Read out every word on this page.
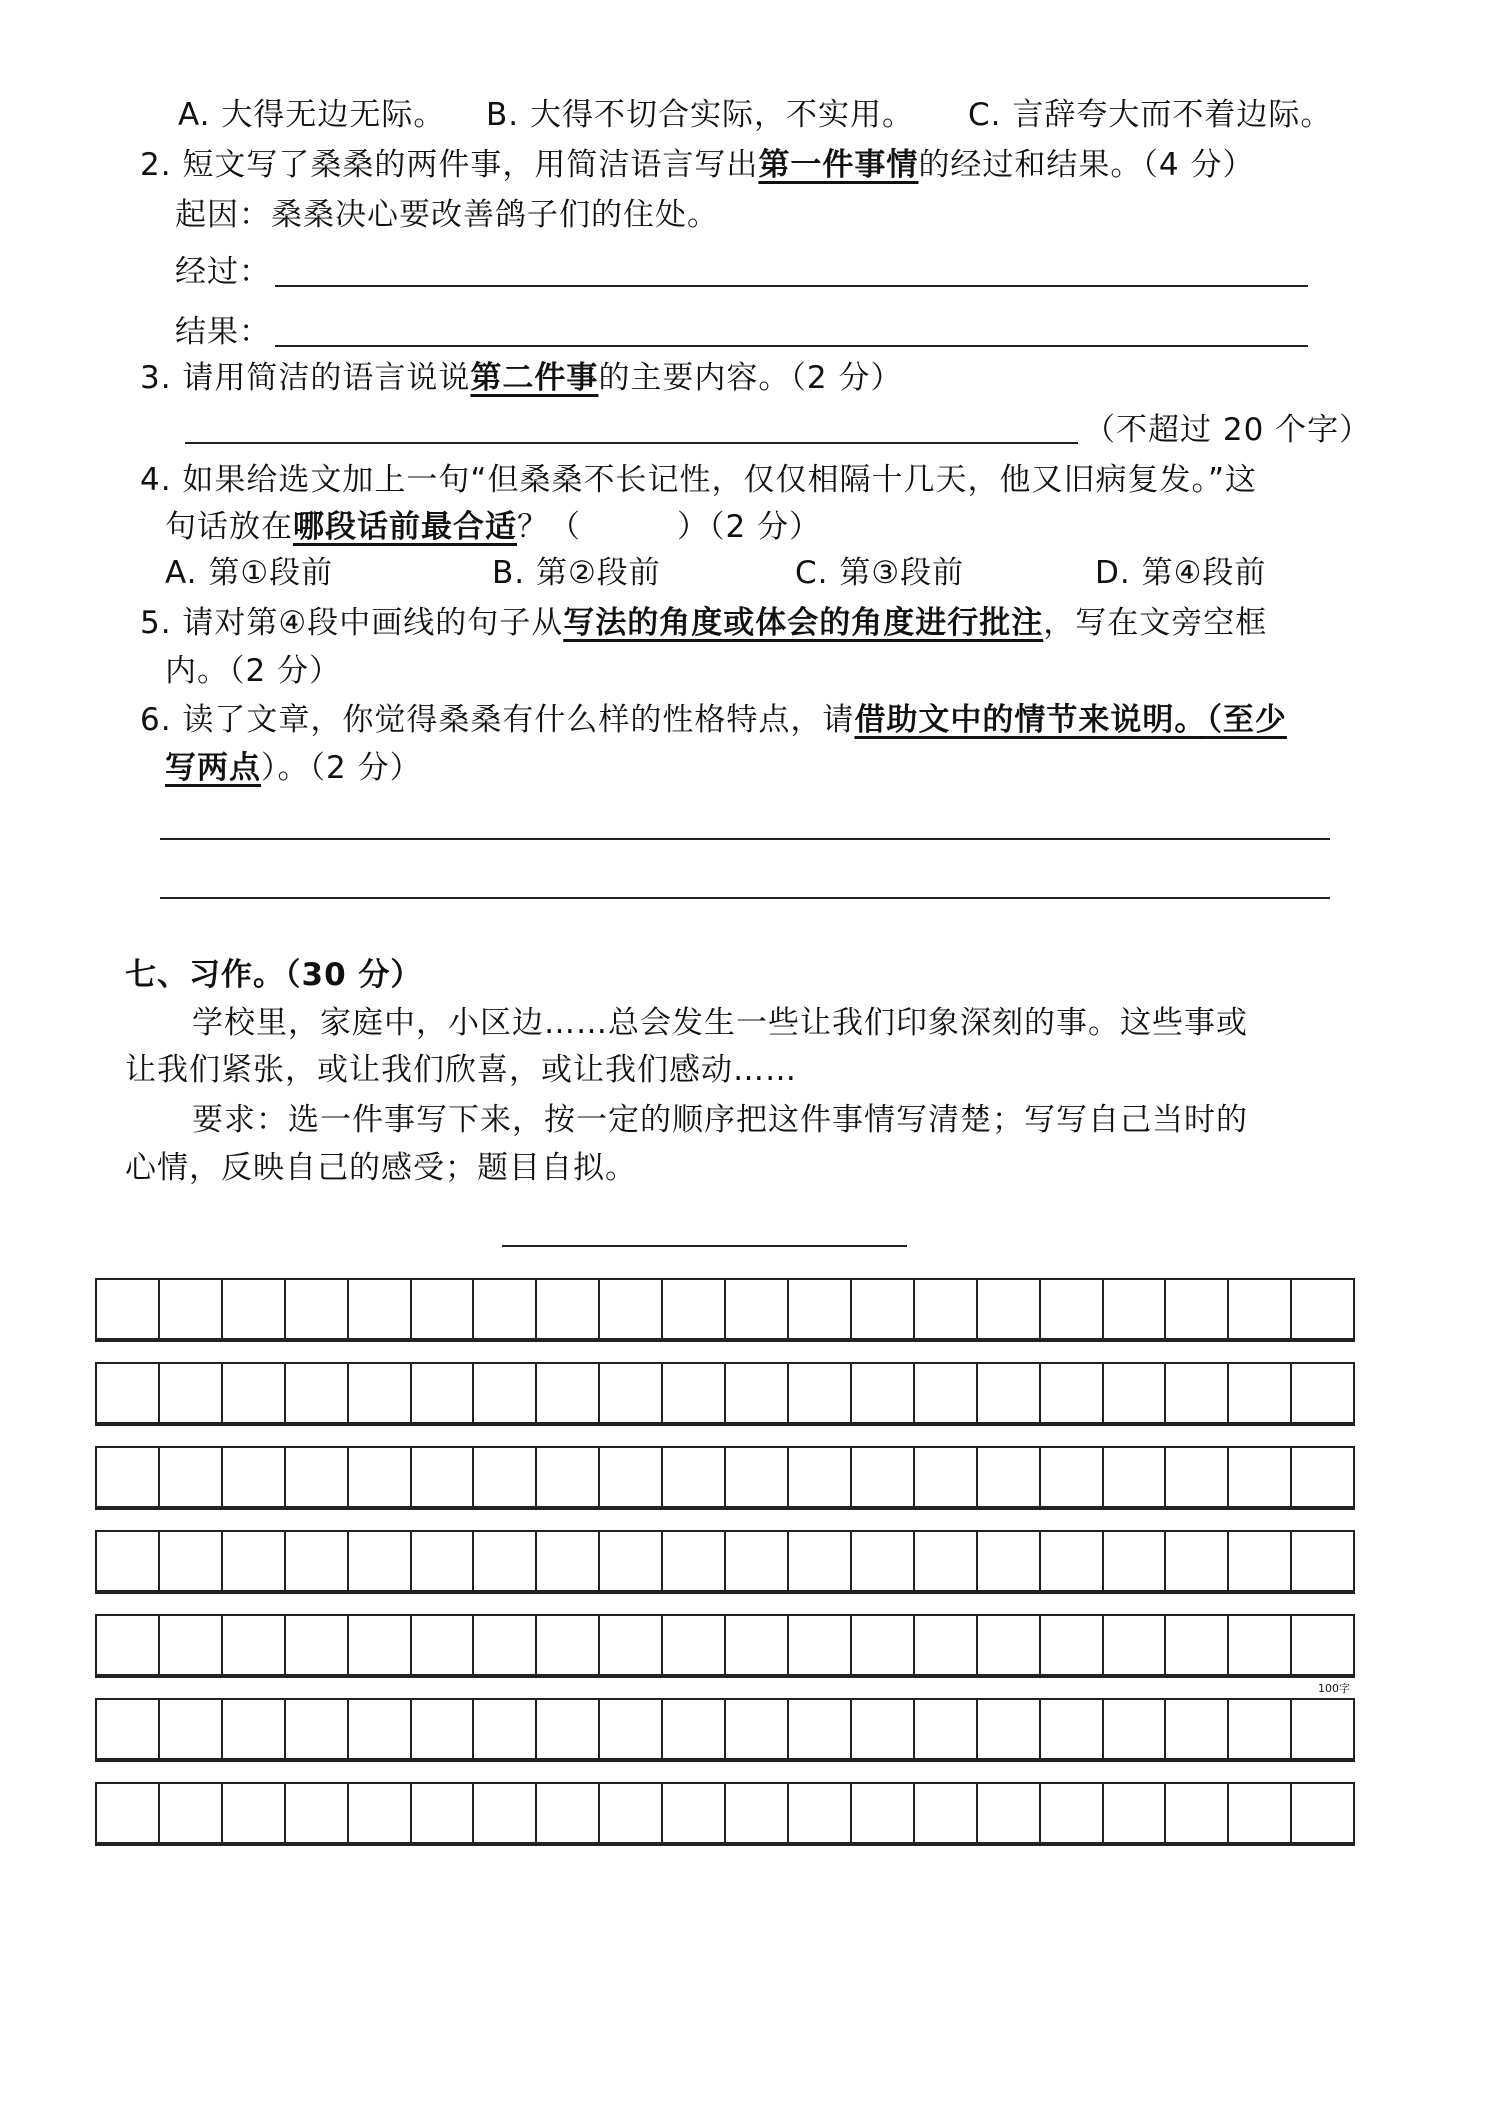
A. 大得无边无际。 B. 大得不切合实际，不实用。 C. 言辞夸大而不着边际。
2. 短文写了桑桑的两件事，用简洁语言写出第一件事情的经过和结果。（4 分）
起因：桑桑决心要改善鸽子们的住处。
经过：
结果：
3. 请用简洁的语言说说第二件事的主要内容。（2 分）
（不超过 20 个字）
4. 如果给选文加上一句“但桑桑不长记性，仅仅相隔十几天，他又旧病复发。”这
句话放在哪段话前最合适？（　　　）（2 分）
A. 第①段前	B. 第②段前	C. 第③段前	D. 第④段前
5. 请对第④段中画线的句子从写法的角度或体会的角度进行批注，写在文旁空框
内。（2 分）
6. 读了文章，你觉得桑桑有什么样的性格特点，请借助文中的情节来说明。（至少
写两点）。（2 分）
七、习作。（30 分）
学校里，家庭中，小区边……总会发生一些让我们印象深刻的事。这些事或
让我们紧张，或让我们欣喜，或让我们感动……
要求：选一件事写下来，按一定的顺序把这件事情写清楚；写写自己当时的
心情，反映自己的感受；题目自拟。
100字
